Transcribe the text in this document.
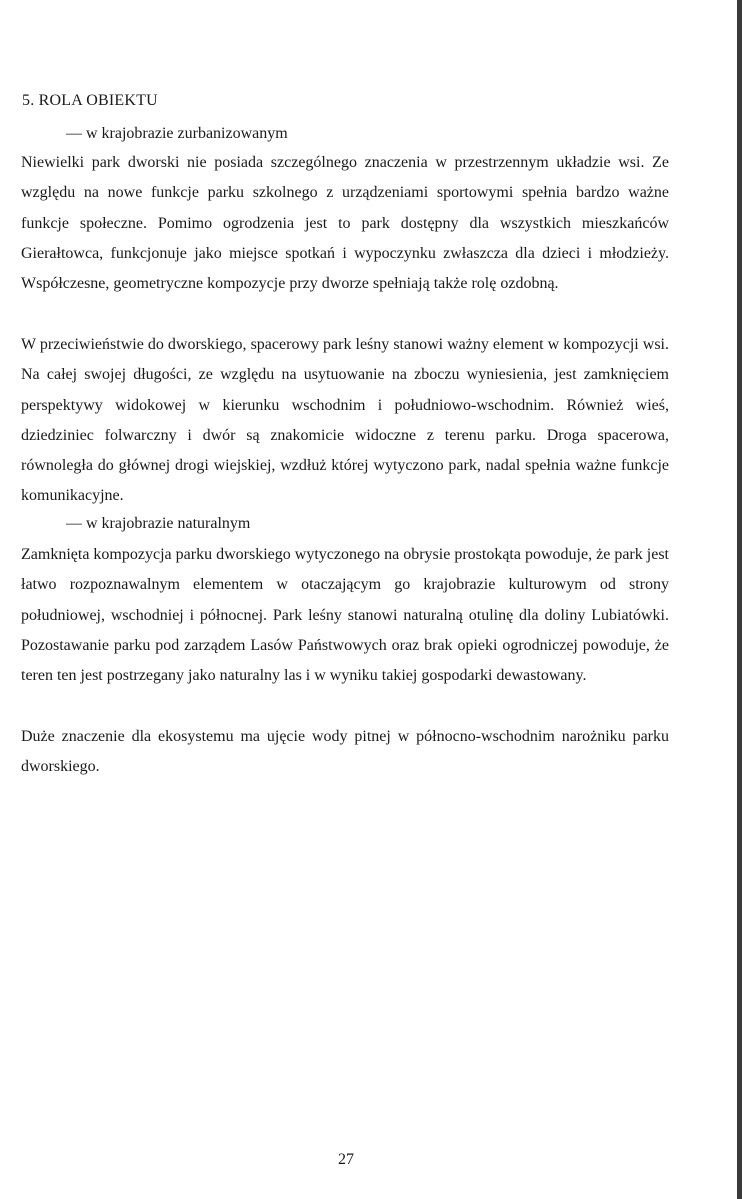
5. ROLA OBIEKTU
— w krajobrazie zurbanizowanym
Niewielki park dworski nie posiada szczególnego znaczenia w przestrzennym układzie wsi. Ze względu na nowe funkcje parku szkolnego z urządzeniami sportowymi spełnia bardzo ważne funkcje społeczne. Pomimo ogrodzenia jest to park dostępny dla wszystkich mieszkańców Gierałtowca, funkcjonuje jako miejsce spotkań i wypoczynku zwłaszcza dla dzieci i młodzieży. Współczesne, geometryczne kompozycje przy dworze spełniają także rolę ozdobną.
W przeciwieństwie do dworskiego, spacerowy park leśny stanowi ważny element w kompozycji wsi. Na całej swojej długości, ze względu na usytuowanie na zboczu wyniesienia, jest zamknięciem perspektywy widokowej w kierunku wschodnim i południowo-wschodnim. Również wieś, dziedziniec folwarczny i dwór są znakomicie widoczne z terenu parku. Droga spacerowa, równoległa do głównej drogi wiejskiej, wzdłuż której wytyczono park, nadal spełnia ważne funkcje komunikacyjne.
— w krajobrazie naturalnym
Zamknięta kompozycja parku dworskiego wytyczonego na obrysie prostokąta powoduje, że park jest łatwo rozpoznawalnym elementem w otaczającym go krajobrazie kulturowym od strony południowej, wschodniej i północnej. Park leśny stanowi naturalną otulinę dla doliny Lubiatówki. Pozostawanie parku pod zarządem Lasów Państwowych oraz brak opieki ogrodniczej powoduje, że teren ten jest postrzegany jako naturalny las i w wyniku takiej gospodarki dewastowany.
Duże znaczenie dla ekosystemu ma ujęcie wody pitnej w północno-wschodnim narożniku parku dworskiego.
27
